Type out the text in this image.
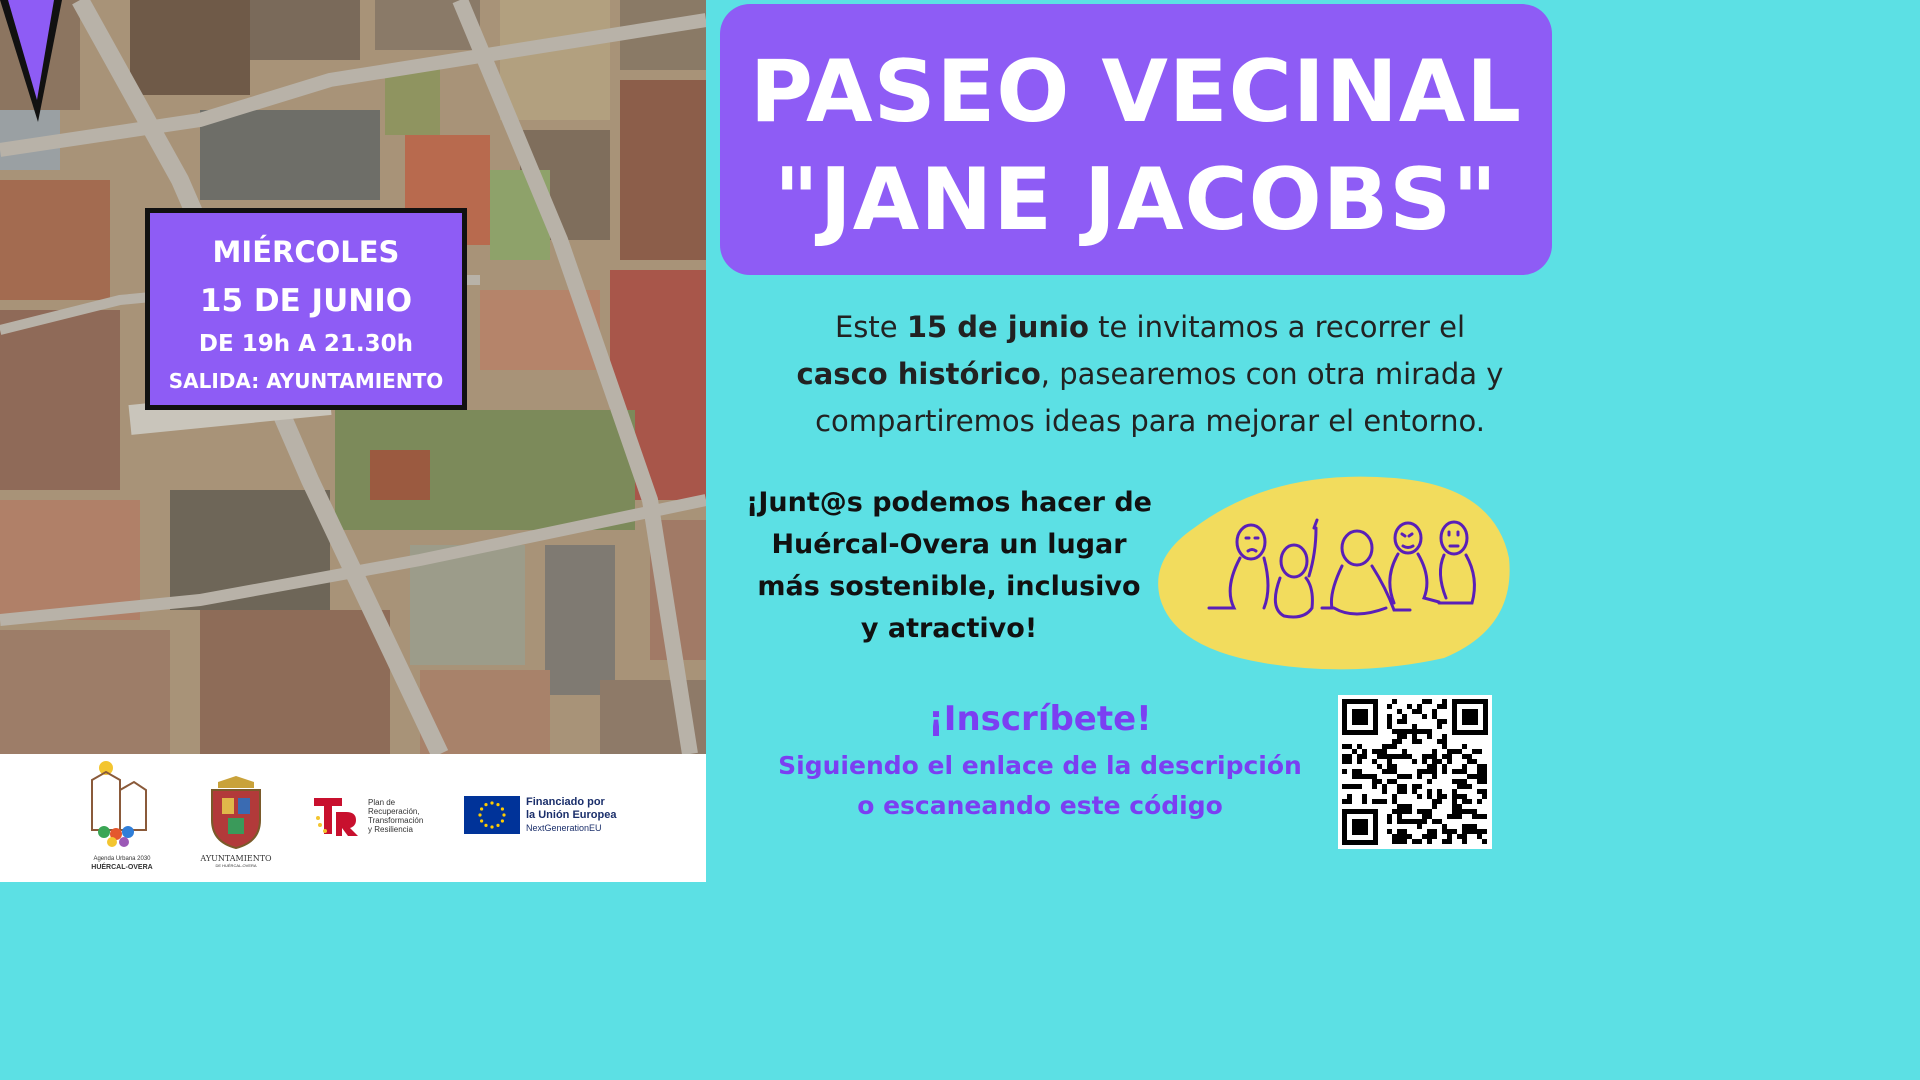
MIÉRCOLES
15 DE JUNIO
DE 19h A 21.30h
SALIDA: AYUNTAMIENTO
Agenda Urbana 2030
HUÉRCAL-OVERA
AYUNTAMIENTO
DE HUÉRCAL-OVERA
Plan de
Recuperación,
Transformación
y Resiliencia
Financiado por
la Unión Europea
NextGenerationEU
PASEO VECINAL
"JANE JACOBS"
Este 15 de junio te invitamos a recorrer el
casco histórico, pasearemos con otra mirada y
compartiremos ideas para mejorar el entorno.
¡Junt@s podemos hacer de
Huércal-Overa un lugar
más sostenible, inclusivo
y atractivo!
¡Inscríbete!
Siguiendo el enlace de la descripción
o escaneando este código
